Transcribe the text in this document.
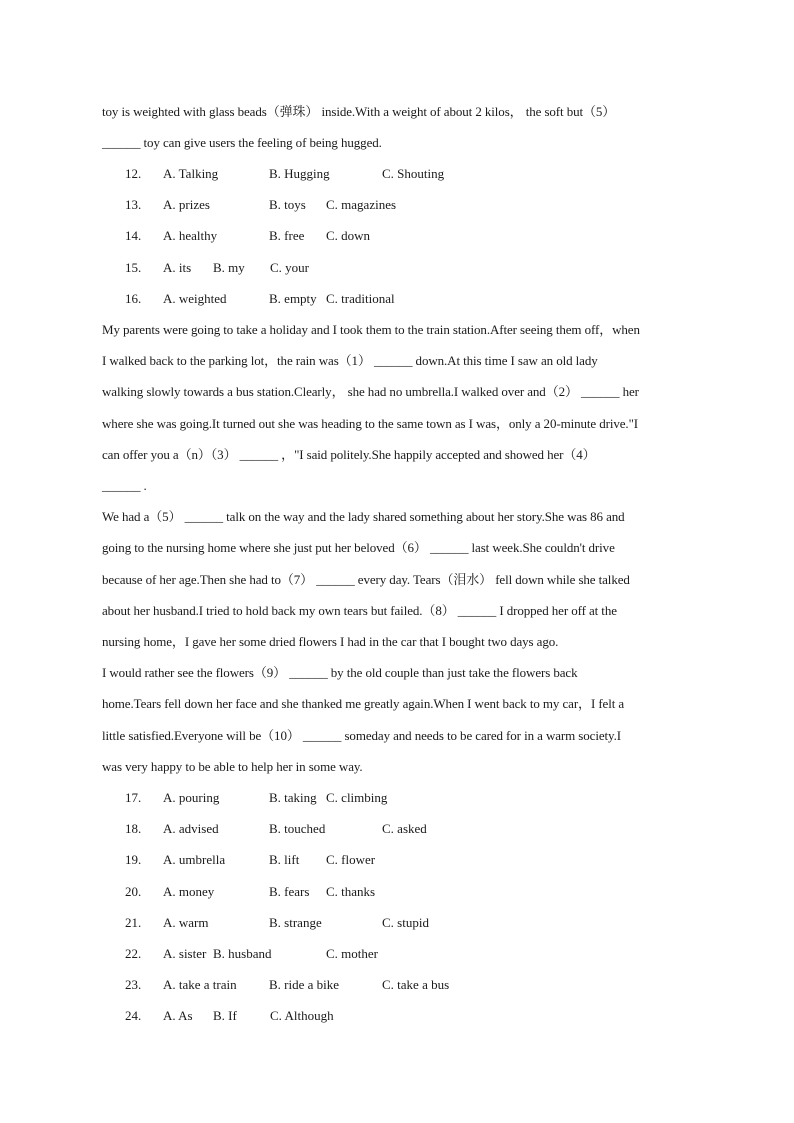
toy is weighted with glass beads（弹珠） inside.With a weight of about 2 kilos， the soft but（5）
______ toy can give users the feeling of being hugged.
12. A. Talking	B. Hugging	C. Shouting
13. A. prizes	B. toys C. magazines
14. A. healthy	B. free C. down
15. A. its B. my C. your
16. A. weighted	B. empty C. traditional
My parents were going to take a holiday and I took them to the train station.After seeing them off，when
I walked back to the parking lot，the rain was（1） ______ down.At this time I saw an old lady
walking slowly towards a bus station.Clearly， she had no umbrella.I walked over and（2） ______ her
where she was going.It turned out she was heading to the same town as I was，only a 20-minute drive."I
can offer you a（n）（3） ______ ，"I said politely.She happily accepted and showed her（4）
______ .
We had a（5） ______ talk on the way and the lady shared something about her story.She was 86 and
going to the nursing home where she just put her beloved（6） ______ last week.She couldn't drive
because of her age.Then she had to（7） ______ every day. Tears（泪水） fell down while she talked
about her husband.I tried to hold back my own tears but failed.（8） ______ I dropped her off at the
nursing home，I gave her some dried flowers I had in the car that I bought two days ago.
I would rather see the flowers（9） ______ by the old couple than just take the flowers back
home.Tears fell down her face and she thanked me greatly again.When I went back to my car，I felt a
little satisfied.Everyone will be（10） ______ someday and needs to be cared for in a warm society.I
was very happy to be able to help her in some way.
17. A. pouring	B. taking C. climbing
18. A. advised	B. touched	C. asked
19. A. umbrella	B. lift C. flower
20. A. money	B. fears C. thanks
21. A. warm	B. strange	C. stupid
22. A. sister B. husband	C. mother
23. A. take a train B. ride a bike	C. take a bus
24. A. As B. If	C. Although
